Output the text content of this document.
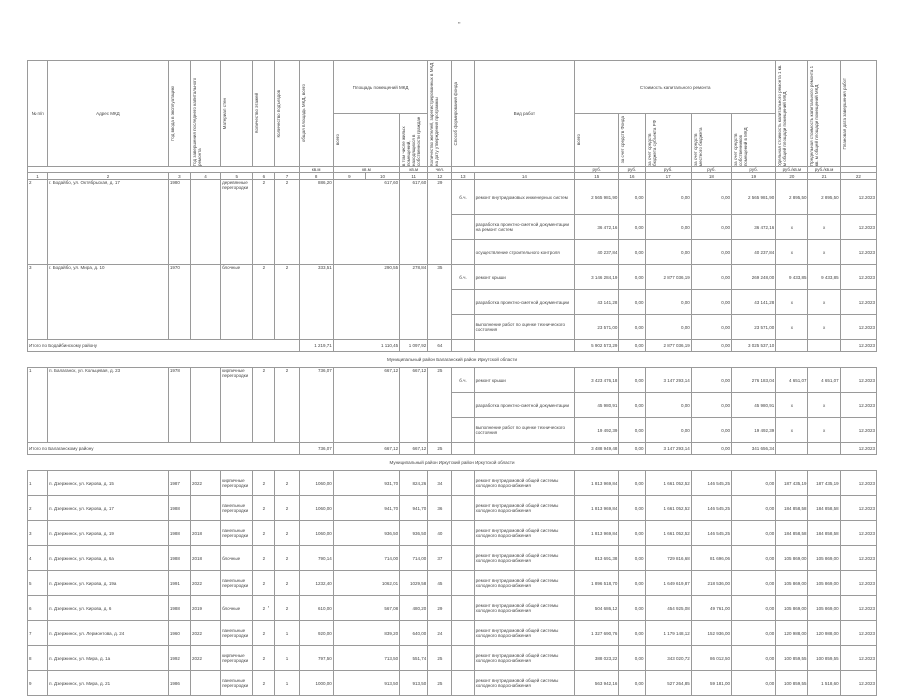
"
№ п/п	Адрес МКД	Год ввода в эксплуатацию	Год завершения последнего капитального ремонта	Материал стен	Количество этажей	Количество подъездов	общая площадь МКД, всего	Площадь помещений МКД			Количество жителей, зарегистрированных в МКД на дату утверждения программы	Способ формирования фонда	Вид работ	Стоимость капитального ремонта					Удельная стоимость капитального ремонта 1 кв. м общей площади помещений МКД	Предельная стоимость капитального ремонта 1 кв. м общей площади помещений МКД	Плановая дата завершения работ

								всего		в том числе жилых помещений, находящихся в собственности граждан				всего	за счет средств Фонда	за счет средств бюджета субъекта РФ	за счет средств местного бюджета	за счет средств собственников помещений в МКД			

							кв.м	кв.м		кв.м	чел.			руб.	руб.	руб.	руб.	руб.	руб./кв.м	руб./кв.м	
1	2	3	4	5	6	7	8	9	10	11	12	13	14	15	16	17	18	19	20	21	22
2	г. Бодайбо, ул. Октябрьская, д. 17	1980		деревянные перегородки	2	2	886,20	617,60		617,60	29	б.ч.	ремонт внутридомовых инженерных систем	2 565 981,90	0,00	0,00	0,00	2 565 981,90	2 895,50	2 895,50	12.2023
													разработка проектно-сметной документации на ремонт систем	36 472,16	0,00	0,00	0,00	36 472,16	х	х	12.2023
													осуществление строительного контроля	40 237,84	0,00	0,00	0,00	40 237,84	х	х	12.2023
3	г. Бодайбо, ул. Мира, д. 10	1970		блочные	2	2	333,51	290,55		278,84	35	б.ч.	ремонт крыши	3 146 284,19	0,00	2 877 036,19	0,00	269 248,00	9 433,85	9 433,85	12.2023
													разработка проектно-сметной документации	43 141,28	0,00	0,00	0,00	43 141,28	х	х	12.2023
													выполнение работ по оценке технического состояния	23 571,00	0,00	0,00	0,00	23 571,00	х	х	12.2023
Итого по Бодайбинскому району							1 219,71	1 110,45		1 097,92	64			5 902 573,29	0,00	2 877 036,19	0,00	3 025 537,10			12.2023
Муниципальный район Балаганский район Иркутской области																					
1	п. Балаганск, ул. Кольцевая, д. 23	1978		кирпичные перегородки	2	2	736,07	667,12		667,12	25	б.ч.	ремонт крыши	3 423 476,18	0,00	3 147 293,14	0,00	276 183,04	4 651,07	4 651,07	12.2023
													разработка проектно-сметной документации	45 980,91	0,00	0,00	0,00	45 980,91	х	х	12.2023
													выполнение работ по оценке технического состояния	19 492,39	0,00	0,00	0,00	19 492,39	х	х	12.2023
Итого по Балаганскому району							736,07	667,12		667,12	25			3 488 949,48	0,00	3 147 293,14	0,00	341 656,34			12.2023
Муниципальный район Иркутский район Иркутской области																					
1	п. Дзержинск, ул. Кирова, д. 15	1987	2022	кирпичные перегородки	2	2	1060,00	931,70		824,26	34		ремонт внутридомовой общей системы холодного водоснабжения	1 813 969,84	0,00	1 661 052,52	146 545,25	0,00	187 435,19	187 435,19	12.2023
2	п. Дзержинск, ул. Кирова, д. 17	1988		панельные перегородки	2	2	1060,00	941,70		941,70	36		ремонт внутридомовой общей системы холодного водоснабжения	1 813 969,84	0,00	1 661 052,52	146 545,25	0,00	184 858,58	184 858,58	12.2023
3	п. Дзержинск, ул. Кирова, д. 19	1988	2018	панельные перегородки	2	2	1060,00	936,50		936,50	40		ремонт внутридомовой общей системы холодного водоснабжения	1 813 969,84	0,00	1 661 052,52	146 545,25	0,00	184 858,58	184 858,58	12.2023
4	п. Дзержинск, ул. Кирова, д. 6а	1988	2018	блочные	2	2	790,14	714,00		714,00	37		ремонт внутридомовой общей системы холодного водоснабжения	813 691,38	0,00	729 816,68	81 696,06	0,00	105 869,00	105 869,00	12.2023
5	п. Дзержинск, ул. Кирова, д. 19а	1991	2022	панельные перегородки	2	2	1232,40	1062,01		1029,58	45		ремонт внутридомовой общей системы холодного водоснабжения	1 896 518,70	0,00	1 649 619,87	218 536,00	0,00	105 869,00	105 869,00	12.2023
6	п. Дзержинск, ул. Кирова, д. 6	1988	2019	блочные	2	2	610,00	567,08		480,20	29		ремонт внутридомовой общей системы холодного водоснабжения	504 686,12	0,00	454 925,08	49 761,00	0,00	105 869,00	105 869,00	12.2023
7	п. Дзержинск, ул. Лермонтова, д. 24	1960	2022	панельные перегородки	2	1	920,00	839,20		640,00	24		ремонт внутридомовой общей системы холодного водоснабжения	1 327 690,76	0,00	1 179 148,12	152 936,00	0,00	120 988,00	120 988,00	12.2023
8	п. Дзержинск, ул. Мира, д. 1а	1992	2022	кирпичные перегородки	2	1	797,50	713,50		551,74	25		ремонт внутридомовой общей системы холодного водоснабжения	388 023,22	0,00	343 020,72	86 012,50	0,00	100 859,55	100 859,55	12.2023
9	п. Дзержинск, ул. Мира, д. 21	1986		панельные перегородки	2	1	1000,00	913,50		913,50	25		ремонт внутридомовой общей системы холодного водоснабжения	563 942,16	0,00	527 264,85	59 181,00	0,00	100 859,55	1 518,60	12.2023
'
